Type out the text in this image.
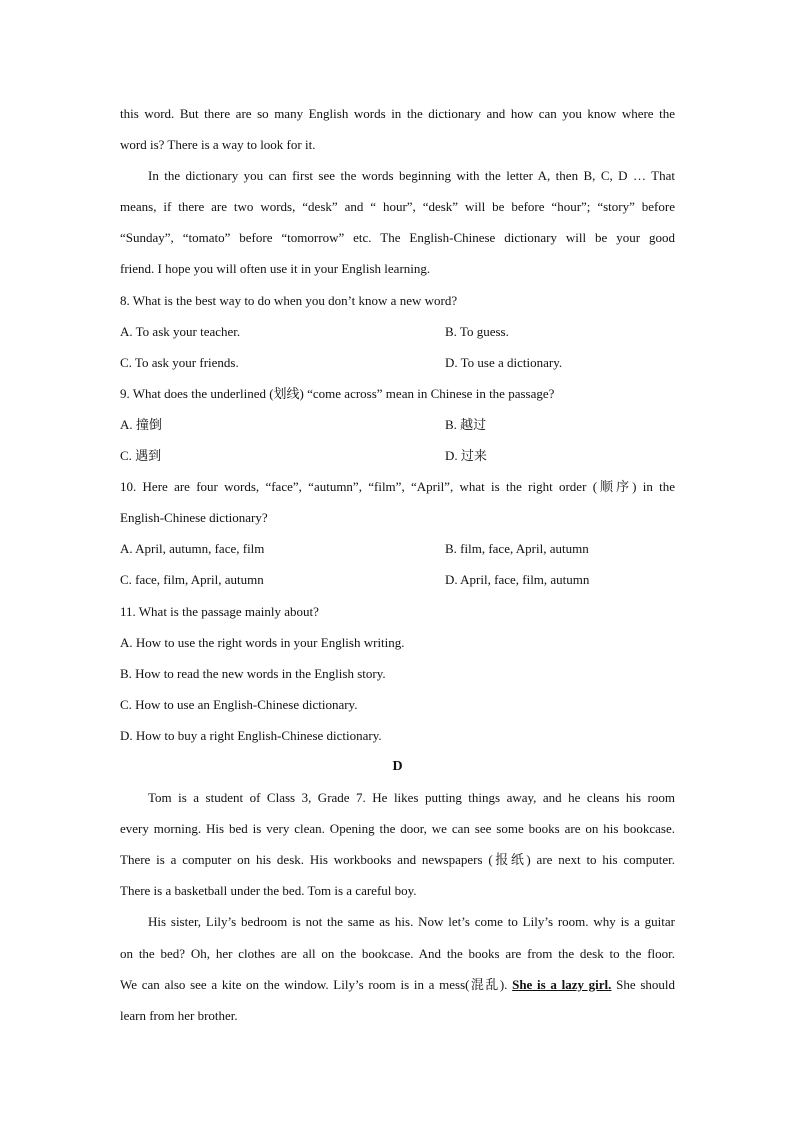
this word. But there are so many English words in the dictionary and how can you know where the
word is? There is a way to look for it.
In the dictionary you can first see the words beginning with the letter A, then B, C, D … That
means, if there are two words, “desk” and “ hour”, “desk” will be before “hour”; “story” before
“Sunday”, “tomato” before “tomorrow” etc. The English-Chinese dictionary will be your good
friend. I hope you will often use it in your English learning.
8. What is the best way to do when you don’t know a new word?
A. To ask your teacher.	B. To guess.
C. To ask your friends.	D. To use a dictionary.
9. What does the underlined (划线) “come across” mean in Chinese in the passage?
A. 撞倒	B. 越过
C. 遇到	D. 过来
10. Here are four words, “face”, “autumn”, “film”, “April”, what is the right order (顺序) in the
English-Chinese dictionary?
A. April, autumn, face, film	B. film, face, April, autumn
C. face, film, April, autumn	D. April, face, film, autumn
11. What is the passage mainly about?
A. How to use the right words in your English writing.
B. How to read the new words in the English story.
C. How to use an English-Chinese dictionary.
D. How to buy a right English-Chinese dictionary.
D
Tom is a student of Class 3, Grade 7. He likes putting things away, and he cleans his room
every morning. His bed is very clean. Opening the door, we can see some books are on his bookcase.
There is a computer on his desk. His workbooks and newspapers (报纸) are next to his computer.
There is a basketball under the bed. Tom is a careful boy.
His sister, Lily’s bedroom is not the same as his. Now let’s come to Lily’s room. why is a guitar
on the bed? Oh, her clothes are all on the bookcase. And the books are from the desk to the floor.
We can also see a kite on the window. Lily’s room is in a mess(混乱). She is a lazy girl. She should
learn from her brother.
